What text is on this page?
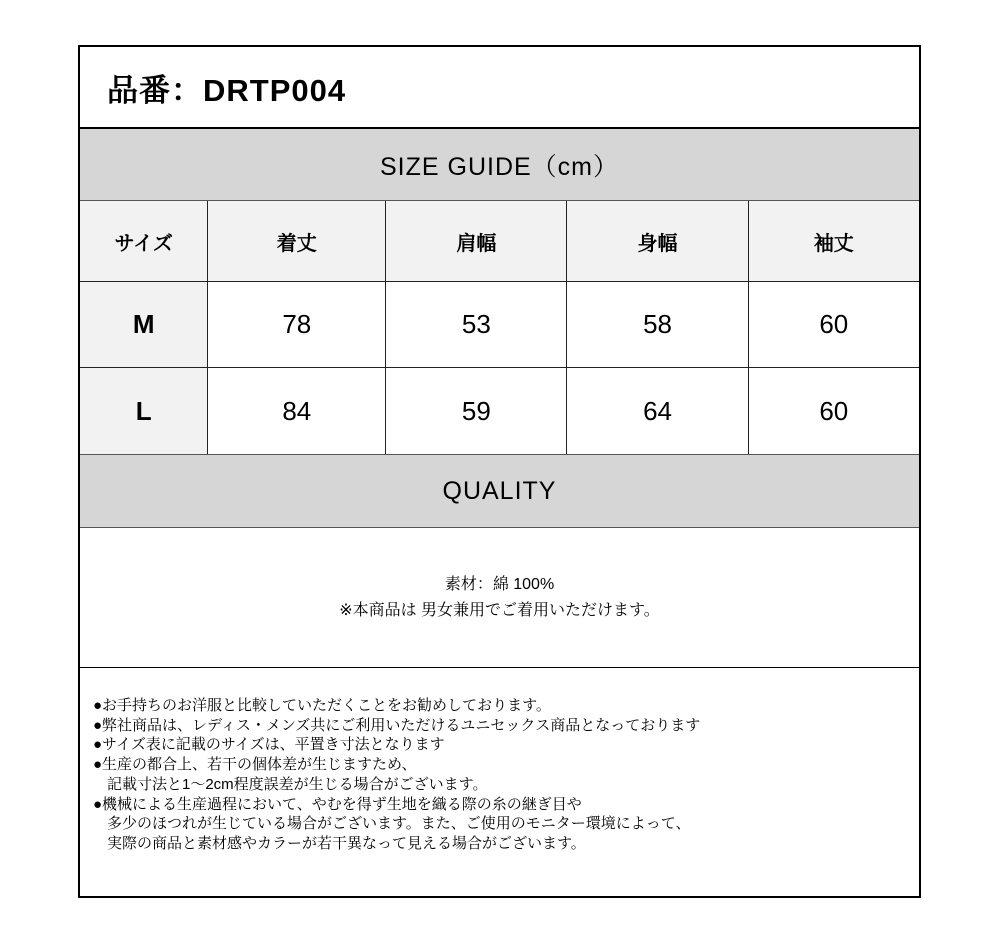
品番：DRTP004
SIZE GUIDE（cm）
サイズ	着丈	肩幅	身幅	袖丈
M	78	53	58	60
L	84	59	64	60
QUALITY
素材：綿 100%
※本商品は 男女兼用でご着用いただけます。
●お手持ちのお洋服と比較していただくことをお勧めしております。
●弊社商品は、レディス・メンズ共にご利用いただけるユニセックス商品となっております
●サイズ表に記載のサイズは、平置き寸法となります
●生産の都合上、若干の個体差が生じますため、
記載寸法と1～2cm程度誤差が生じる場合がございます。
●機械による生産過程において、やむを得ず生地を織る際の糸の継ぎ目や
多少のほつれが生じている場合がございます。また、ご使用のモニター環境によって、
実際の商品と素材感やカラーが若干異なって見える場合がございます。
